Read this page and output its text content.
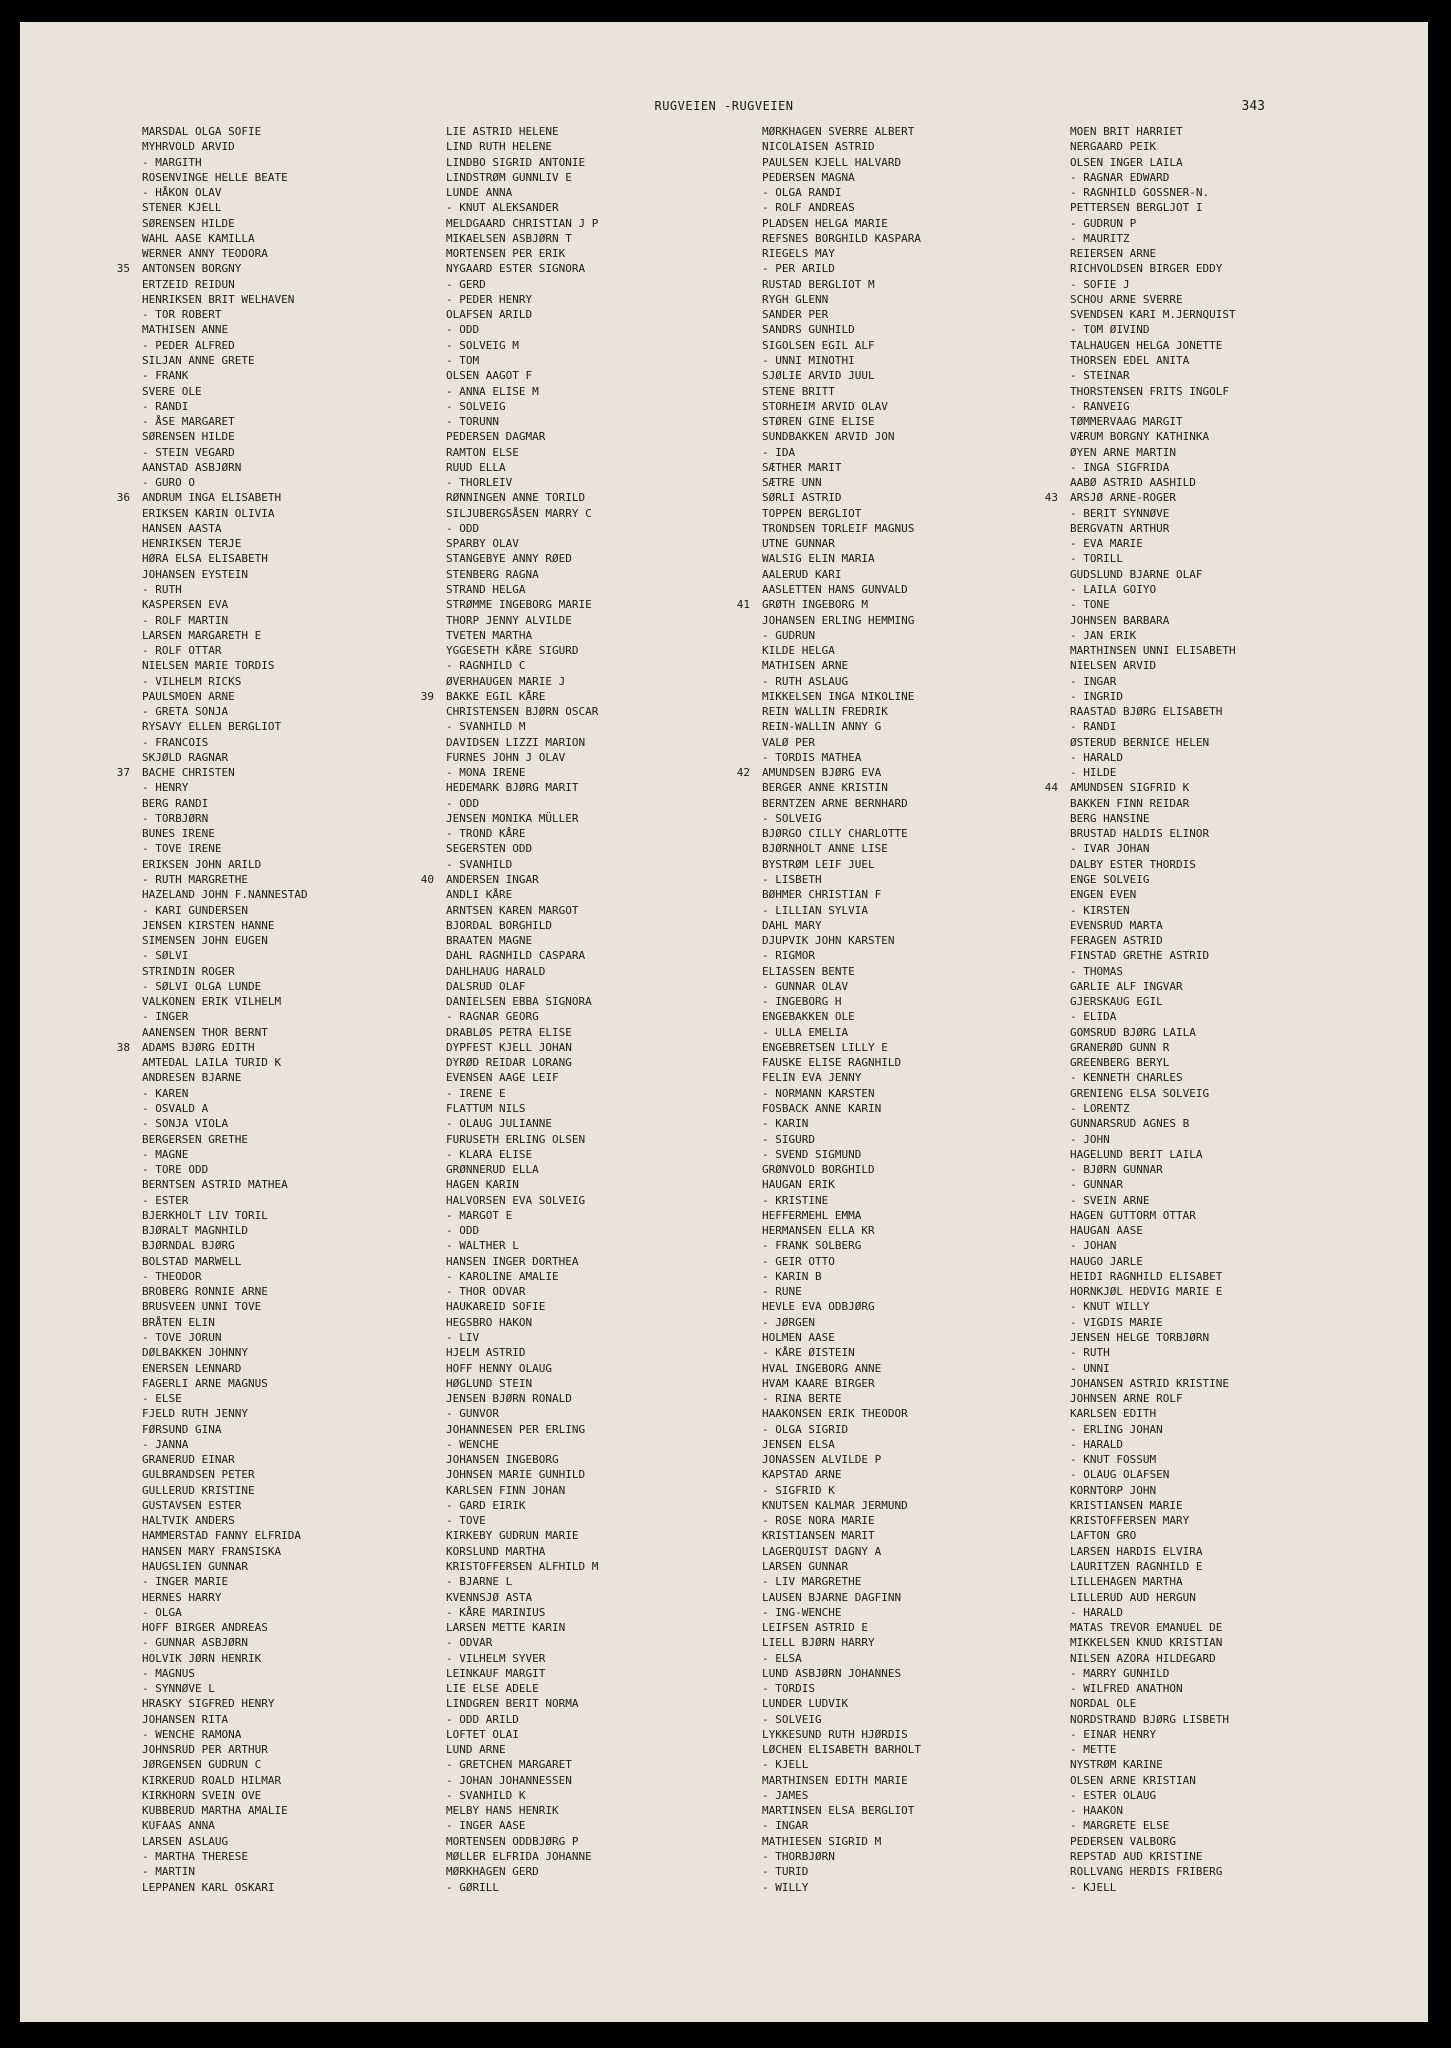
RUGVEIEN -RUGVEIEN	343
MARSDAL OLGA SOFIE
MYHRVOLD ARVID
- MARGITH
ROSENVINGE HELLE BEATE
- HÅKON OLAV
STENER KJELL
SØRENSEN HILDE
WAHL AASE KAMILLA
WERNER ANNY TEODORA
35 ANTONSEN BORGNY
ERTZEID REIDUN
HENRIKSEN BRIT WELHAVEN
- TOR ROBERT
MATHISEN ANNE
- PEDER ALFRED
SILJAN ANNE GRETE
- FRANK
SVERE OLE
- RANDI
- ÅSE MARGARET
SØRENSEN HILDE
- STEIN VEGARD
AANSTAD ASBJØRN
- GURO O
36 ANDRUM INGA ELISABETH
ERIKSEN KARIN OLIVIA
HANSEN AASTA
HENRIKSEN TERJE
HØRA ELSA ELISABETH
JOHANSEN EYSTEIN
- RUTH
KASPERSEN EVA
- ROLF MARTIN
LARSEN MARGARETH E
- ROLF OTTAR
NIELSEN MARIE TORDIS
- VILHELM RICKS
PAULSMOEN ARNE
- GRETA SONJA
RYSAVY ELLEN BERGLIOT
- FRANCOIS
SKJØLD RAGNAR
37 BACHE CHRISTEN
- HENRY
BERG RANDI
- TORBJØRN
BUNES IRENE
- TOVE IRENE
ERIKSEN JOHN ARILD
- RUTH MARGRETHE
HAZELAND JOHN F.NANNESTAD
- KARI GUNDERSEN
JENSEN KIRSTEN HANNE
SIMENSEN JOHN EUGEN
- SØLVI
STRINDIN ROGER
- SØLVI OLGA LUNDE
VALKONEN ERIK VILHELM
- INGER
AANENSEN THOR BERNT
38 ADAMS BJØRG EDITH
AMTEDAL LAILA TURID K
ANDRESEN BJARNE
- KAREN
- OSVALD A
- SONJA VIOLA
BERGERSEN GRETHE
- MAGNE
- TORE ODD
BERNTSEN ASTRID MATHEA
- ESTER
BJERKHOLT LIV TORIL
BJØRALT MAGNHILD
BJØRNDAL BJØRG
BOLSTAD MARWELL
- THEODOR
BROBERG RONNIE ARNE
BRUSVEEN UNNI TOVE
BRÅTEN ELIN
- TOVE JORUN
DØLBAKKEN JOHNNY
ENERSEN LENNARD
FAGERLI ARNE MAGNUS
- ELSE
FJELD RUTH JENNY
FØRSUND GINA
- JANNA
GRANERUD EINAR
GULBRANDSEN PETER
GULLERUD KRISTINE
GUSTAVSEN ESTER
HALTVIK ANDERS
HAMMERSTAD FANNY ELFRIDA
HANSEN MARY FRANSISKA
HAUGSLIEN GUNNAR
- INGER MARIE
HERNES HARRY
- OLGA
HOFF BIRGER ANDREAS
- GUNNAR ASBJØRN
HOLVIK JØRN HENRIK
- MAGNUS
- SYNNØVE L
HRASKY SIGFRED HENRY
JOHANSEN RITA
- WENCHE RAMONA
JOHNSRUD PER ARTHUR
JØRGENSEN GUDRUN C
KIRKERUD ROALD HILMAR
KIRKHORN SVEIN OVE
KUBBERUD MARTHA AMALIE
KUFAAS ANNA
LARSEN ASLAUG
- MARTHA THERESE
- MARTIN
LEPPANEN KARL OSKARI
LIE ASTRID HELENE
LIND RUTH HELENE
LINDBO SIGRID ANTONIE
LINDSTRØM GUNNLIV E
LUNDE ANNA
- KNUT ALEKSANDER
MELDGAARD CHRISTIAN J P
MIKAELSEN ASBJØRN T
MORTENSEN PER ERIK
NYGAARD ESTER SIGNORA
- GERD
- PEDER HENRY
OLAFSEN ARILD
- ODD
- SOLVEIG M
- TOM
OLSEN AAGOT F
- ANNA ELISE M
- SOLVEIG
- TORUNN
PEDERSEN DAGMAR
RAMTON ELSE
RUUD ELLA
- THORLEIV
RØNNINGEN ANNE TORILD
SILJUBERGSÅSEN MARRY C
- ODD
SPARBY OLAV
STANGEBYE ANNY RØED
STENBERG RAGNA
STRAND HELGA
STRØMME INGEBORG MARIE
THORP JENNY ALVILDE
TVETEN MARTHA
YGGESETH KÅRE SIGURD
- RAGNHILD C
ØVERHAUGEN MARIE J
39 BAKKE EGIL KÅRE
CHRISTENSEN BJØRN OSCAR
- SVANHILD M
DAVIDSEN LIZZI MARION
FURNES JOHN J OLAV
- MONA IRENE
HEDEMARK BJØRG MARIT
- ODD
JENSEN MONIKA MÜLLER
- TROND KÅRE
SEGERSTEN ODD
- SVANHILD
40 ANDERSEN INGAR
ANDLI KÅRE
ARNTSEN KAREN MARGOT
BJORDAL BORGHILD
BRAATEN MAGNE
DAHL RAGNHILD CASPARA
DAHLHAUG HARALD
DALSRUD OLAF
DANIELSEN EBBA SIGNORA
- RAGNAR GEORG
DRABLØS PETRA ELISE
DYPFEST KJELL JOHAN
DYRØD REIDAR LORANG
EVENSEN AAGE LEIF
- IRENE E
FLATTUM NILS
- OLAUG JULIANNE
FURUSETH ERLING OLSEN
- KLARA ELISE
GRØNNERUD ELLA
HAGEN KARIN
HALVORSEN EVA SOLVEIG
- MARGOT E
- ODD
- WALTHER L
HANSEN INGER DORTHEA
- KAROLINE AMALIE
- THOR ODVAR
HAUKAREID SOFIE
HEGSBRO HAKON
- LIV
HJELM ASTRID
HOFF HENNY OLAUG
HØGLUND STEIN
JENSEN BJØRN RONALD
- GUNVOR
JOHANNESEN PER ERLING
- WENCHE
JOHANSEN INGEBORG
JOHNSEN MARIE GUNHILD
KARLSEN FINN JOHAN
- GARD EIRIK
- TOVE
KIRKEBY GUDRUN MARIE
KORSLUND MARTHA
KRISTOFFERSEN ALFHILD M
- BJARNE L
KVENNSJØ ASTA
- KÅRE MARINIUS
LARSEN METTE KARIN
- ODVAR
- VILHELM SYVER
LEINKAUF MARGIT
LIE ELSE ADELE
LINDGREN BERIT NORMA
- ODD ARILD
LOFTET OLAI
LUND ARNE
- GRETCHEN MARGARET
- JOHAN JOHANNESSEN
- SVANHILD K
MELBY HANS HENRIK
- INGER AASE
MORTENSEN ODDBJØRG P
MØLLER ELFRIDA JOHANNE
MØRKHAGEN GERD
- GØRILL
MØRKHAGEN SVERRE ALBERT
NICOLAISEN ASTRID
PAULSEN KJELL HALVARD
PEDERSEN MAGNA
- OLGA RANDI
- ROLF ANDREAS
PLADSEN HELGA MARIE
REFSNES BORGHILD KASPARA
RIEGELS MAY
- PER ARILD
RUSTAD BERGLIOT M
RYGH GLENN
SANDER PER
SANDRS GUNHILD
SIGOLSEN EGIL ALF
- UNNI MINOTHI
SJØLIE ARVID JUUL
STENE BRITT
STORHEIM ARVID OLAV
STØREN GINE ELISE
SUNDBAKKEN ARVID JON
- IDA
SÆTHER MARIT
SÆTRE UNN
SØRLI ASTRID
TOPPEN BERGLIOT
TRONDSEN TORLEIF MAGNUS
UTNE GUNNAR
WALSIG ELIN MARIA
AALERUD KARI
AASLETTEN HANS GUNVALD
41 GRØTH INGEBORG M
JOHANSEN ERLING HEMMING
- GUDRUN
KILDE HELGA
MATHISEN ARNE
- RUTH ASLAUG
MIKKELSEN INGA NIKOLINE
REIN WALLIN FREDRIK
REIN-WALLIN ANNY G
VALØ PER
- TORDIS MATHEA
42 AMUNDSEN BJØRG EVA
BERGER ANNE KRISTIN
BERNTZEN ARNE BERNHARD
- SOLVEIG
BJØRGO CILLY CHARLOTTE
BJØRNHOLT ANNE LISE
BYSTRØM LEIF JUEL
- LISBETH
BØHMER CHRISTIAN F
- LILLIAN SYLVIA
DAHL MARY
DJUPVIK JOHN KARSTEN
- RIGMOR
ELIASSEN BENTE
- GUNNAR OLAV
- INGEBORG H
ENGEBAKKEN OLE
- ULLA EMELIA
ENGEBRETSEN LILLY E
FAUSKE ELISE RAGNHILD
FELIN EVA JENNY
- NORMANN KARSTEN
FOSBACK ANNE KARIN
- KARIN
- SIGURD
- SVEND SIGMUND
GRØNVOLD BORGHILD
HAUGAN ERIK
- KRISTINE
HEFFERMEHL EMMA
HERMANSEN ELLA KR
- FRANK SOLBERG
- GEIR OTTO
- KARIN B
- RUNE
HEVLE EVA ODBJØRG
- JØRGEN
HOLMEN AASE
- KÅRE ØISTEIN
HVAL INGEBORG ANNE
HVAM KAARE BIRGER
- RINA BERTE
HAAKONSEN ERIK THEODOR
- OLGA SIGRID
JENSEN ELSA
JONASSEN ALVILDE P
KAPSTAD ARNE
- SIGFRID K
KNUTSEN KALMAR JERMUND
- ROSE NORA MARIE
KRISTIANSEN MARIT
LAGERQUIST DAGNY A
LARSEN GUNNAR
- LIV MARGRETHE
LAUSEN BJARNE DAGFINN
- ING-WENCHE
LEIFSEN ASTRID E
LIELL BJØRN HARRY
- ELSA
LUND ASBJØRN JOHANNES
- TORDIS
LUNDER LUDVIK
- SOLVEIG
LYKKESUND RUTH HJØRDIS
LØCHEN ELISABETH BARHOLT
- KJELL
MARTHINSEN EDITH MARIE
- JAMES
MARTINSEN ELSA BERGLIOT
- INGAR
MATHIESEN SIGRID M
- THORBJØRN
- TURID
- WILLY
MOEN BRIT HARRIET
NERGAARD PEIK
OLSEN INGER LAILA
- RAGNAR EDWARD
- RAGNHILD GOSSNER-N.
PETTERSEN BERGLJOT I
- GUDRUN P
- MAURITZ
REIERSEN ARNE
RICHVOLDSEN BIRGER EDDY
- SOFIE J
SCHOU ARNE SVERRE
SVENDSEN KARI M.JERNQUIST
- TOM ØIVIND
TALHAUGEN HELGA JONETTE
THORSEN EDEL ANITA
- STEINAR
THORSTENSEN FRITS INGOLF
- RANVEIG
TØMMERVAAG MARGIT
VÆRUM BORGNY KATHINKA
ØYEN ARNE MARTIN
- INGA SIGFRIDA
AABØ ASTRID AASHILD
43 ARSJØ ARNE-ROGER
- BERIT SYNNØVE
BERGVATN ARTHUR
- EVA MARIE
- TORILL
GUDSLUND BJARNE OLAF
- LAILA GOIYO
- TONE
JOHNSEN BARBARA
- JAN ERIK
MARTHINSEN UNNI ELISABETH
NIELSEN ARVID
- INGAR
- INGRID
RAASTAD BJØRG ELISABETH
- RANDI
ØSTERUD BERNICE HELEN
- HARALD
- HILDE
44 AMUNDSEN SIGFRID K
BAKKEN FINN REIDAR
BERG HANSINE
BRUSTAD HALDIS ELINOR
- IVAR JOHAN
DALBY ESTER THORDIS
ENGE SOLVEIG
ENGEN EVEN
- KIRSTEN
EVENSRUD MARTA
FERAGEN ASTRID
FINSTAD GRETHE ASTRID
- THOMAS
GARLIE ALF INGVAR
GJERSKAUG EGIL
- ELIDA
GOMSRUD BJØRG LAILA
GRANERØD GUNN R
GREENBERG BERYL
- KENNETH CHARLES
GRENIENG ELSA SOLVEIG
- LORENTZ
GUNNARSRUD AGNES B
- JOHN
HAGELUND BERIT LAILA
- BJØRN GUNNAR
- GUNNAR
- SVEIN ARNE
HAGEN GUTTORM OTTAR
HAUGAN AASE
- JOHAN
HAUGO JARLE
HEIDI RAGNHILD ELISABET
HORNKJØL HEDVIG MARIE E
- KNUT WILLY
- VIGDIS MARIE
JENSEN HELGE TORBJØRN
- RUTH
- UNNI
JOHANSEN ASTRID KRISTINE
JOHNSEN ARNE ROLF
KARLSEN EDITH
- ERLING JOHAN
- HARALD
- KNUT FOSSUM
- OLAUG OLAFSEN
KORNTORP JOHN
KRISTIANSEN MARIE
KRISTOFFERSEN MARY
LAFTON GRO
LARSEN HARDIS ELVIRA
LAURITZEN RAGNHILD E
LILLEHAGEN MARTHA
LILLERUD AUD HERGUN
- HARALD
MATAS TREVOR EMANUEL DE
MIKKELSEN KNUD KRISTIAN
NILSEN AZORA HILDEGARD
- MARRY GUNHILD
- WILFRED ANATHON
NORDAL OLE
NORDSTRAND BJØRG LISBETH
- EINAR HENRY
- METTE
NYSTRØM KARINE
OLSEN ARNE KRISTIAN
- ESTER OLAUG
- HAAKON
- MARGRETE ELSE
PEDERSEN VALBORG
REPSTAD AUD KRISTINE
ROLLVANG HERDIS FRIBERG
- KJELL
